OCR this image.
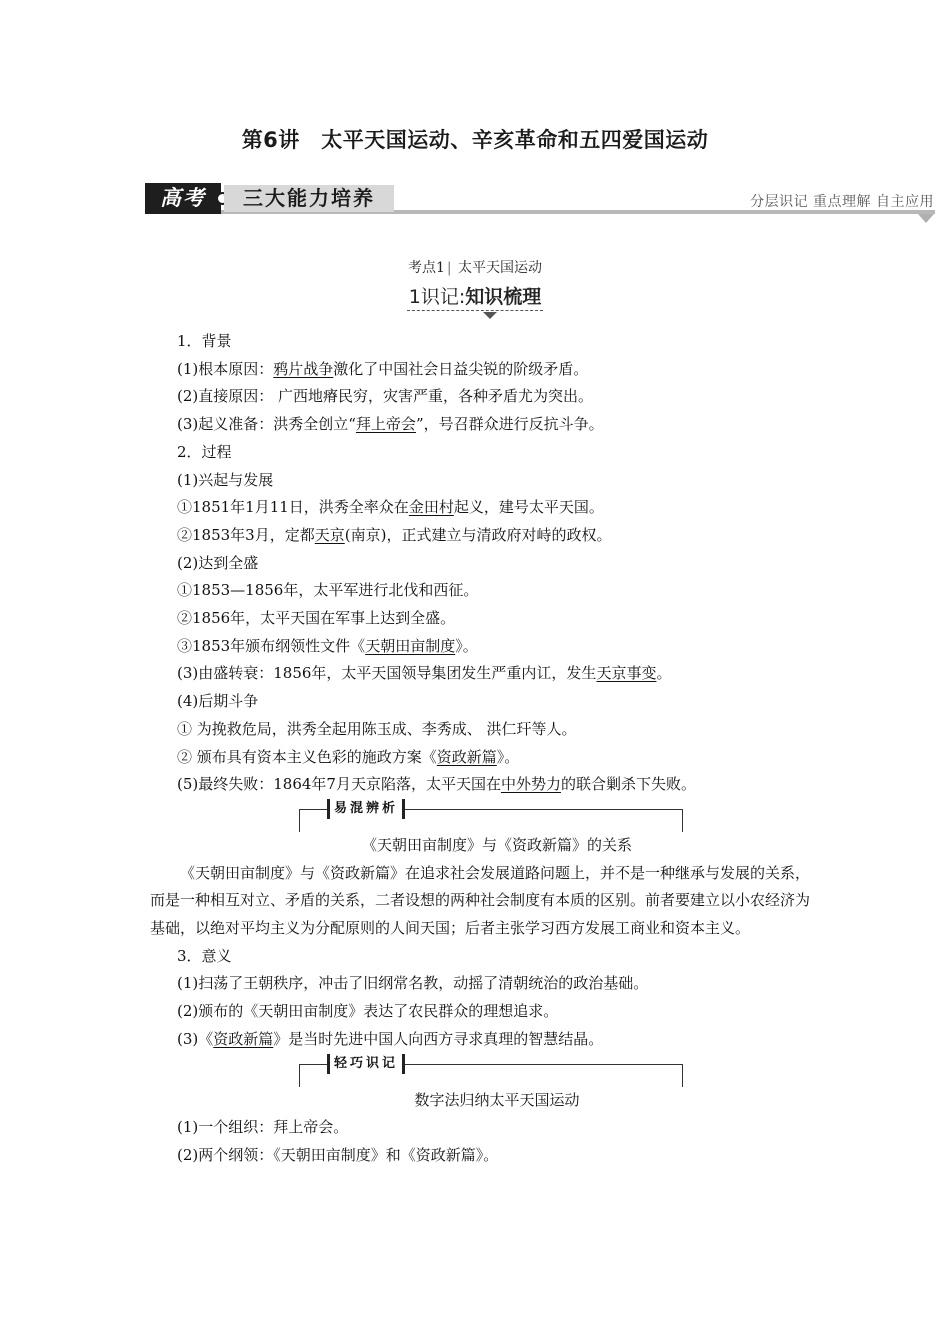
第6讲　太平天国运动、辛亥革命和五四爱国运动
高考	三大能力培养	分层识记 重点理解 自主应用
考点1 | 太平天国运动
1识记:知识梳理

1．背景

(1)根本原因：鸦片战争激化了中国社会日益尖锐的阶级矛盾。

(2)直接原因： 广西地瘠民穷，灾害严重，各种矛盾尤为突出。

(3)起义准备：洪秀全创立“拜上帝会”，号召群众进行反抗斗争。

2．过程

(1)兴起与发展

①1851年1月11日，洪秀全率众在金田村起义，建号太平天国。

②1853年3月，定都天京(南京)，正式建立与清政府对峙的政权。

(2)达到全盛

①1853—1856年，太平军进行北伐和西征。

②1856年，太平天国在军事上达到全盛。

③1853年颁布纲领性文件《天朝田亩制度》。

(3)由盛转衰：1856年，太平天国领导集团发生严重内讧，发生天京事变。

(4)后期斗争

① 为挽救危局，洪秀全起用陈玉成、李秀成、 洪仁玕等人。

② 颁布具有资本主义色彩的施政方案《资政新篇》。

(5)最终失败：1864年7月天京陷落，太平天国在中外势力的联合剿杀下失败。

易混辨析

《天朝田亩制度》与《资政新篇》的关系

《天朝田亩制度》与《资政新篇》在追求社会发展道路问题上，并不是一种继承与发展的关系，而是一种相互对立、矛盾的关系，二者设想的两种社会制度有本质的区别。前者要建立以小农经济为基础，以绝对平均主义为分配原则的人间天国；后者主张学习西方发展工商业和资本主义。

3．意义

(1)扫荡了王朝秩序，冲击了旧纲常名教，动摇了清朝统治的政治基础。

(2)颁布的《天朝田亩制度》表达了农民群众的理想追求。

(3)《资政新篇》是当时先进中国人向西方寻求真理的智慧结晶。

轻巧识记

数字法归纳太平天国运动

(1)一个组织：拜上帝会。

(2)两个纲领：《天朝田亩制度》和《资政新篇》。
